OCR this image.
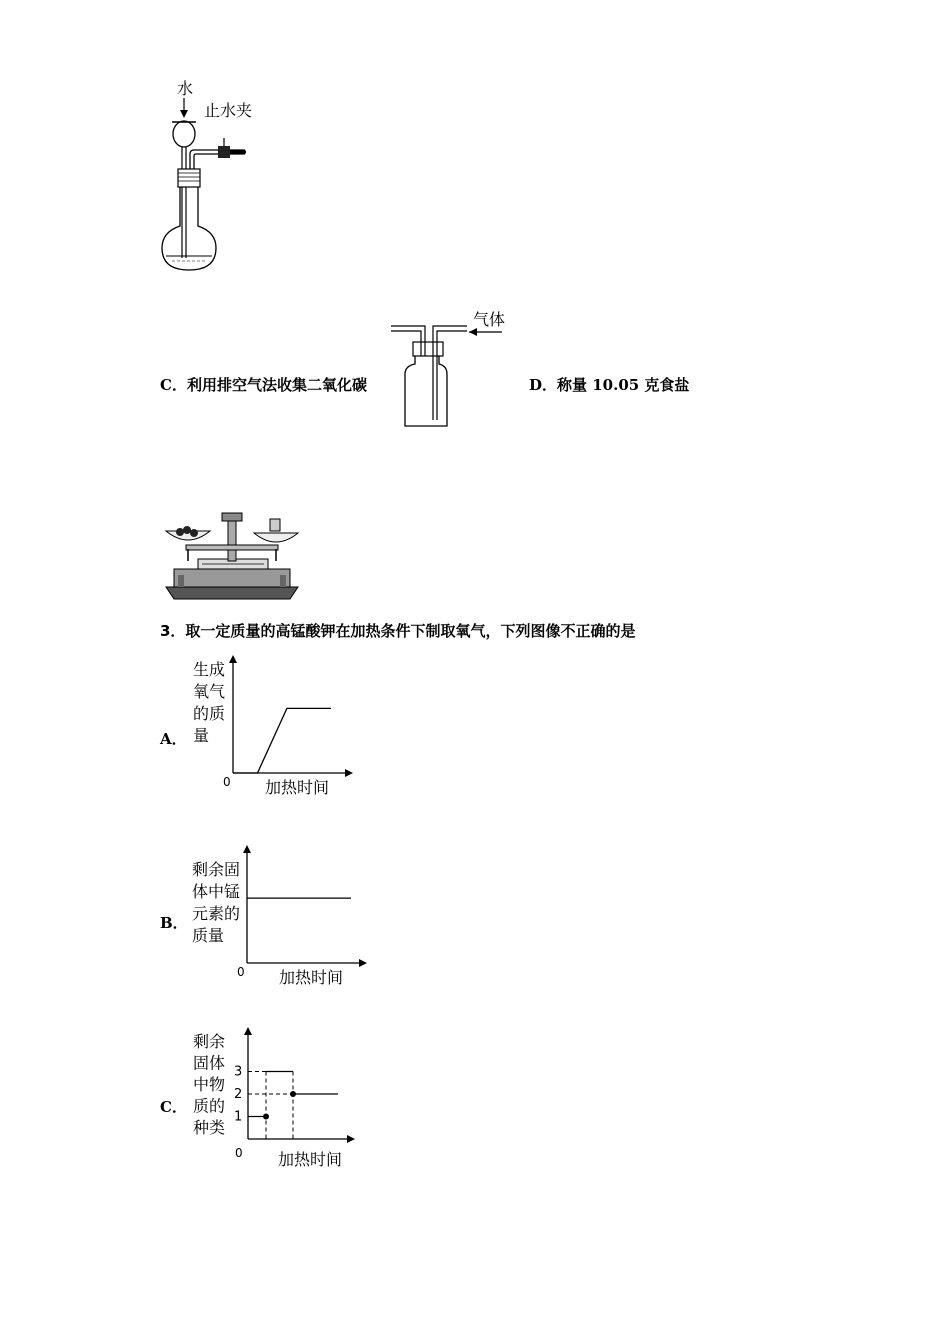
水
止水夹
C．利用排空气法收集二氧化碳
气体
D．称量 10.05 克食盐
3．取一定质量的高锰酸钾在加热条件下制取氧气，下列图像不正确的是
A．
生成
氧气
的质
量
0 加热时间
B．
剩余固
体中锰
元素的
质量
0 加热时间
C．
剩余
固体
中物
质的
种类
0 加热时间
3
2
1
